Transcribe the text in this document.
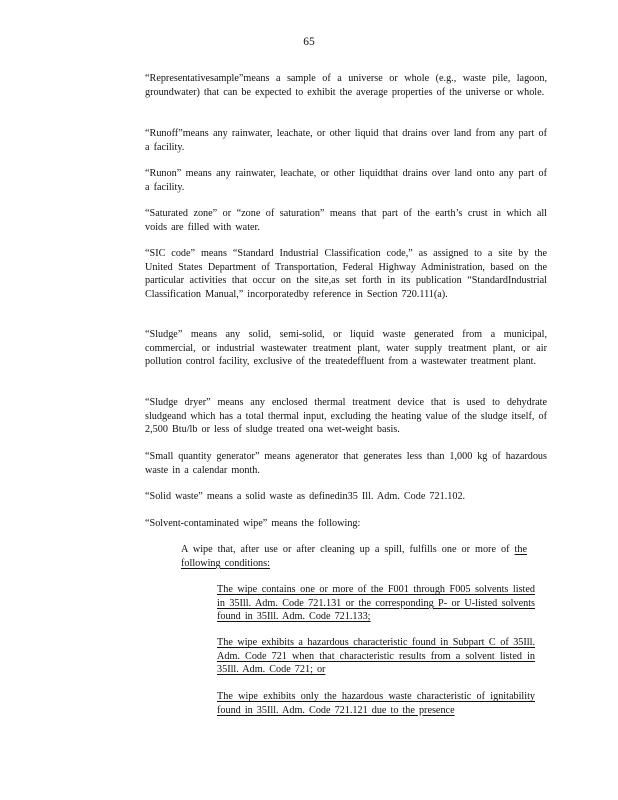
65

“Representativesample”means a sample of a universe or whole (e.g., waste pile, lagoon, groundwater) that can be expected to exhibit the average properties of the universe or whole.

“Runoff”means any rainwater, leachate, or other liquid that drains over land from any part of a facility.

“Runon” means any rainwater, leachate, or other liquidthat drains over land onto any part of a facility.

“Saturated zone” or “zone of saturation” means that part of the earth’s crust in which all voids are filled with water.

“SIC code” means “Standard Industrial Classification code,” as assigned to a site by the United States Department of Transportation, Federal Highway Administration, based on the particular activities that occur on the site,as set forth in its publication “StandardIndustrial Classification Manual,” incorporatedby reference in Section 720.111(a).

“Sludge” means any solid, semi-solid, or liquid waste generated from a municipal, commercial, or industrial wastewater treatment plant, water supply treatment plant, or air pollution control facility, exclusive of the treatedeffluent from a wastewater treatment plant.

“Sludge dryer” means any enclosed thermal treatment device that is used to dehydrate sludgeand which has a total thermal input, excluding the heating value of the sludge itself, of 2,500 Btu/lb or less of sludge treated ona wet-weight basis.

“Small quantity generator” means agenerator that generates less than 1,000 kg of hazardous waste in a calendar month.

“Solid waste” means a solid waste as definedin35 Ill. Adm. Code 721.102.

“Solvent-contaminated wipe” means the following:

A wipe that, after use or after cleaning up a spill, fulfills one or more of the following conditions:

The wipe contains one or more of the F001 through F005 solvents listed in 35Ill. Adm. Code 721.131 or the corresponding P- or U-listed solvents found in 35Ill. Adm. Code 721.133;

The wipe exhibits a hazardous characteristic found in Subpart C of 35Ill. Adm. Code 721 when that characteristic results from a solvent listed in 35Ill. Adm. Code 721; or

The wipe exhibits only the hazardous waste characteristic of ignitability found in 35Ill. Adm. Code 721.121 due to the presence
